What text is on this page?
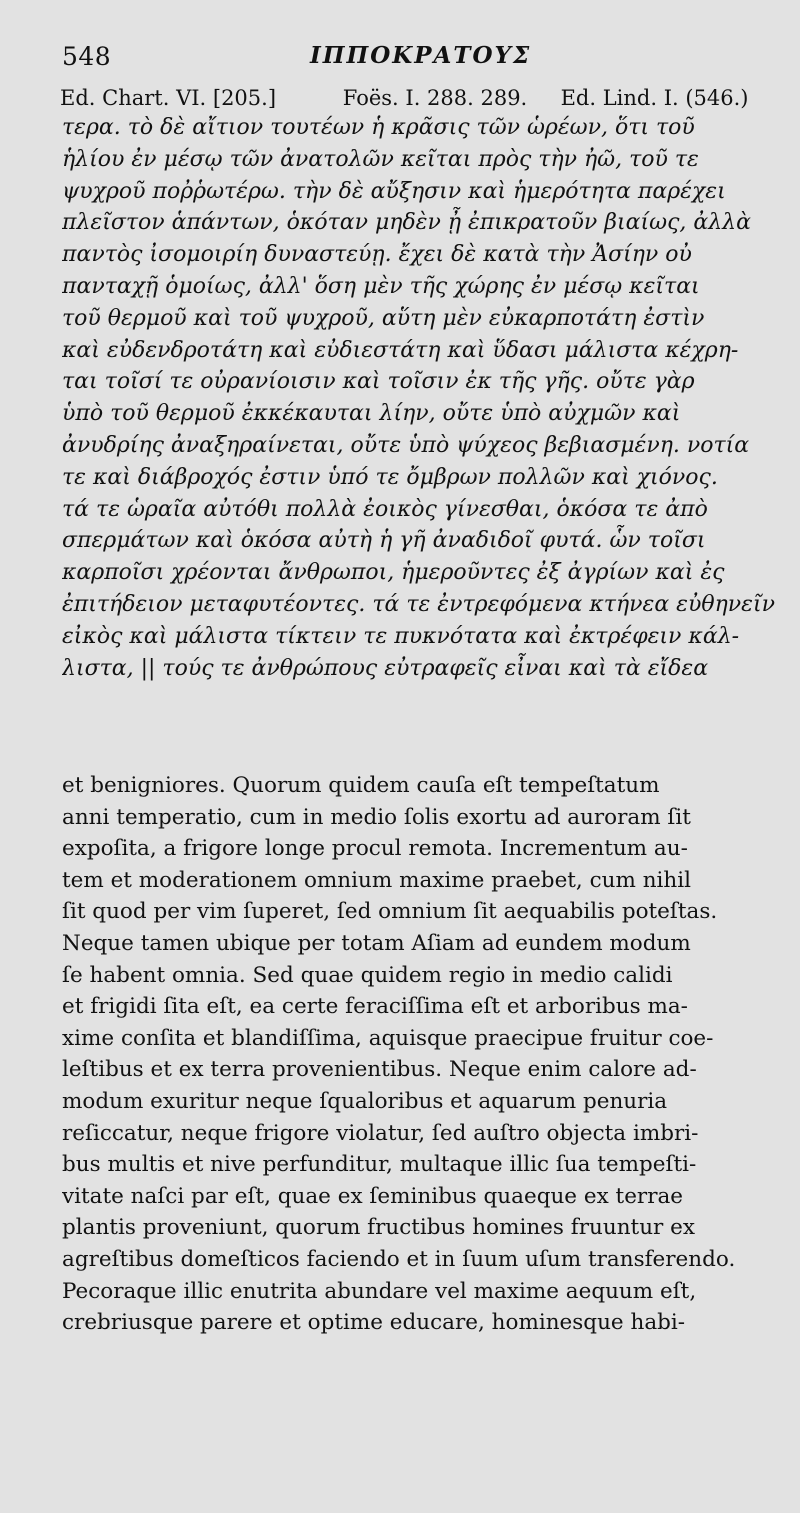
548	ΙΠΠΟΚΡΑΤΟΥΣ
Ed. Chart. VI. [205.]          Foës. I. 288. 289.     Ed. Lind. I. (546.)
τερα. τὸ δὲ αἴτιον τουτέων ἡ κρᾶσις τῶν ὡρέων, ὅτι τοῦ
ἡλίου ἐν μέσῳ τῶν ἀνατολῶν κεῖται πρὸς τὴν ἠῶ, τοῦ τε
ψυχροῦ ποῤῥωτέρω. τὴν δὲ αὔξησιν καὶ ἡμερότητα παρέχει
πλεῖστον ἁπάντων, ὁκόταν μηδὲν ᾖ ἐπικρατοῦν βιαίως, ἀλλὰ
παντὸς ἰσομοιρίη δυναστεύῃ. ἔχει δὲ κατὰ τὴν Ἀσίην οὐ
πανταχῇ ὁμοίως, ἀλλ' ὅση μὲν τῆς χώρης ἐν μέσῳ κεῖται
τοῦ θερμοῦ καὶ τοῦ ψυχροῦ, αὕτη μὲν εὐκαρποτάτη ἐστὶν
καὶ εὐδενδροτάτη καὶ εὐδιεστάτη καὶ ὕδασι μάλιστα κέχρη-
ται τοῖσί τε οὐρανίοισιν καὶ τοῖσιν ἐκ τῆς γῆς. οὔτε γὰρ
ὑπὸ τοῦ θερμοῦ ἐκκέκαυται λίην, οὔτε ὑπὸ αὐχμῶν καὶ
ἀνυδρίης ἀναξηραίνεται, οὔτε ὑπὸ ψύχεος βεβιασμένη. νοτία
τε καὶ διάβροχός ἐστιν ὑπό τε ὄμβρων πολλῶν καὶ χιόνος.
τά τε ὡραῖα αὐτόθι πολλὰ ἐοικὸς γίνεσθαι, ὁκόσα τε ἀπὸ
σπερμάτων καὶ ὁκόσα αὐτὴ ἡ γῆ ἀναδιδοῖ φυτά. ὧν τοῖσι
καρποῖσι χρέονται ἄνθρωποι, ἡμεροῦντες ἐξ ἀγρίων καὶ ἐς
ἐπιτήδειον μεταφυτέοντες. τά τε ἐντρεφόμενα κτήνεα εὐθηνεῖν
εἰκὸς καὶ μάλιστα τίκτειν τε πυκνότατα καὶ ἐκτρέφειν κάλ-
λιστα, || τούς τε ἀνθρώπους εὐτραφεῖς εἶναι καὶ τὰ εἴδεα
et benigniores. Quorum quidem cauſa eſt tempeſtatum
anni temperatio, cum in medio ſolis exortu ad auroram ſit
expoſita, a frigore longe procul remota. Incrementum au-
tem et moderationem omnium maxime praebet, cum nihil
ſit quod per vim ſuperet, ſed omnium ſit aequabilis poteſtas.
Neque tamen ubique per totam Aſiam ad eundem modum
ſe habent omnia. Sed quae quidem regio in medio calidi
et frigidi ſita eſt, ea certe feraciſſima eſt et arboribus ma-
xime conſita et blandiſſima, aquisque praecipue fruitur coe-
leſtibus et ex terra provenientibus. Neque enim calore ad-
modum exuritur neque ſqualoribus et aquarum penuria
reſiccatur, neque frigore violatur, ſed auſtro objecta imbri-
bus multis et nive perfunditur, multaque illic ſua tempeſti-
vitate naſci par eſt, quae ex ſeminibus quaeque ex terrae
plantis proveniunt, quorum fructibus homines fruuntur ex
agreſtibus domeſticos faciendo et in ſuum uſum transferendo.
Pecoraque illic enutrita abundare vel maxime aequum eſt,
crebriusque parere et optime educare, hominesque habi-
